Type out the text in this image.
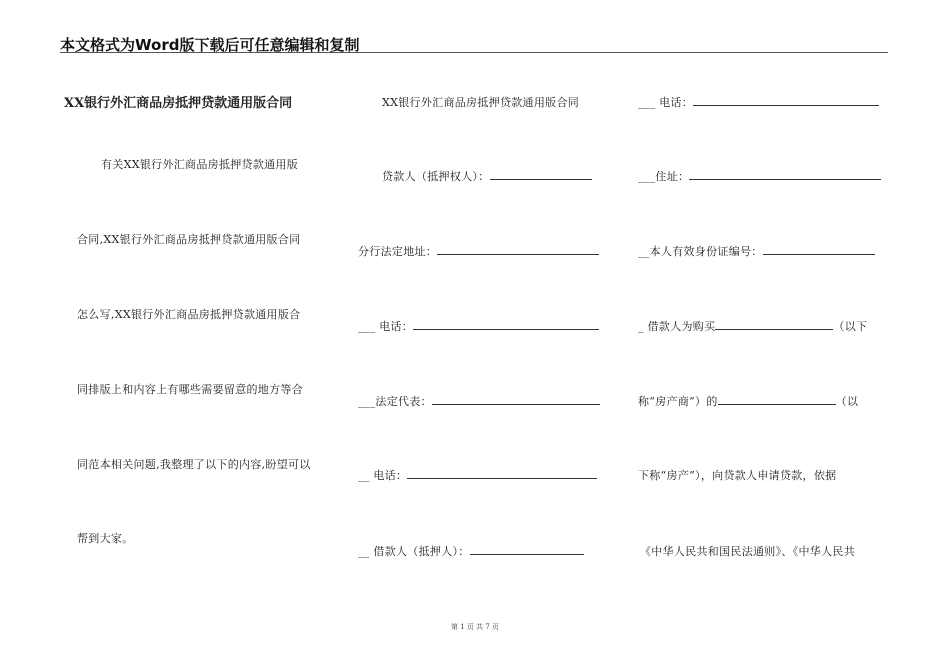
本文格式为Word版下载后可任意编辑和复制
XX银行外汇商品房抵押贷款通用版合同
有关XX银行外汇商品房抵押贷款通用版
合同,XX银行外汇商品房抵押贷款通用版合同
怎么写,XX银行外汇商品房抵押贷款通用版合
同排版上和内容上有哪些需要留意的地方等合
同范本相关问题,我整理了以下的内容,盼望可以
帮到大家。
XX银行外汇商品房抵押贷款通用版合同
贷款人（抵押权人）：
分行法定地址：
___ 电话：
___法定代表：
__ 电话：
__ 借款人（抵押人）：
___ 电话：
___住址：
__本人有效身份证编号：
_ 借款人为购买	（以下
称“房产商”）的	（以
下称“房产”），向贷款人申请贷款，依据
《中华人民共和国民法通则》、《中华人民共
第 1 页 共 7 页
